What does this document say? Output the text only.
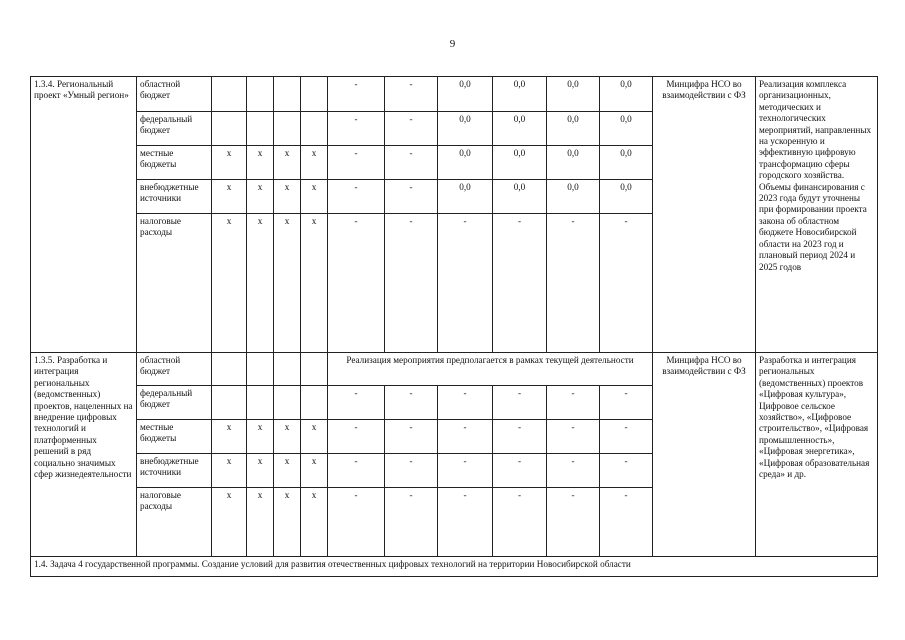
9
1.3.4. Региональный проект «Умный регион»	областной бюджет					-	-	0,0	0,0	0,0	0,0	Минцифра НСО во взаимодействии с ФЗ	Реализация комплекса организационных, методических и технологических мероприятий, направленных на ускоренную и эффективную цифровую трансформацию сферы городского хозяйства. Объемы финансирования с 2023 года будут уточнены при формировании проекта закона об областном бюджете Новосибирской области на 2023 год и плановый период 2024 и 2025 годов
	федеральный бюджет					-	-	0,0	0,0	0,0	0,0		
	местные бюджеты	x	x	x	x	-	-	0,0	0,0	0,0	0,0		
	внебюджетные источники	x	x	x	x	-	-	0,0	0,0	0,0	0,0		
	налоговые расходы	x	x	x	x	-	-	-	-	-	-		
1.3.5. Разработка и интеграция региональных (ведомственных) проектов, нацеленных на внедрение цифровых технологий и платформенных решений в ряд социально значимых сфер жизнедеятельности	областной бюджет					Реализация мероприятия предполагается в рамках текущей деятельности						Минцифра НСО во взаимодействии с ФЗ	Разработка и интеграция региональных (ведомственных) проектов «Цифровая культура», Цифровое сельское хозяйство», «Цифровое строительство», «Цифровая промышленность», «Цифровая энергетика», «Цифровая образовательная среда» и др.
	федеральный бюджет					-	-	-	-	-	-		
	местные бюджеты	x	x	x	x	-	-	-	-	-	-		
	внебюджетные источники	x	x	x	x	-	-	-	-	-	-		
	налоговые расходы	x	x	x	x	-	-	-	-	-	-		
1.4. Задача 4 государственной программы. Создание условий для развития отечественных цифровых технологий на территории Новосибирской области													
